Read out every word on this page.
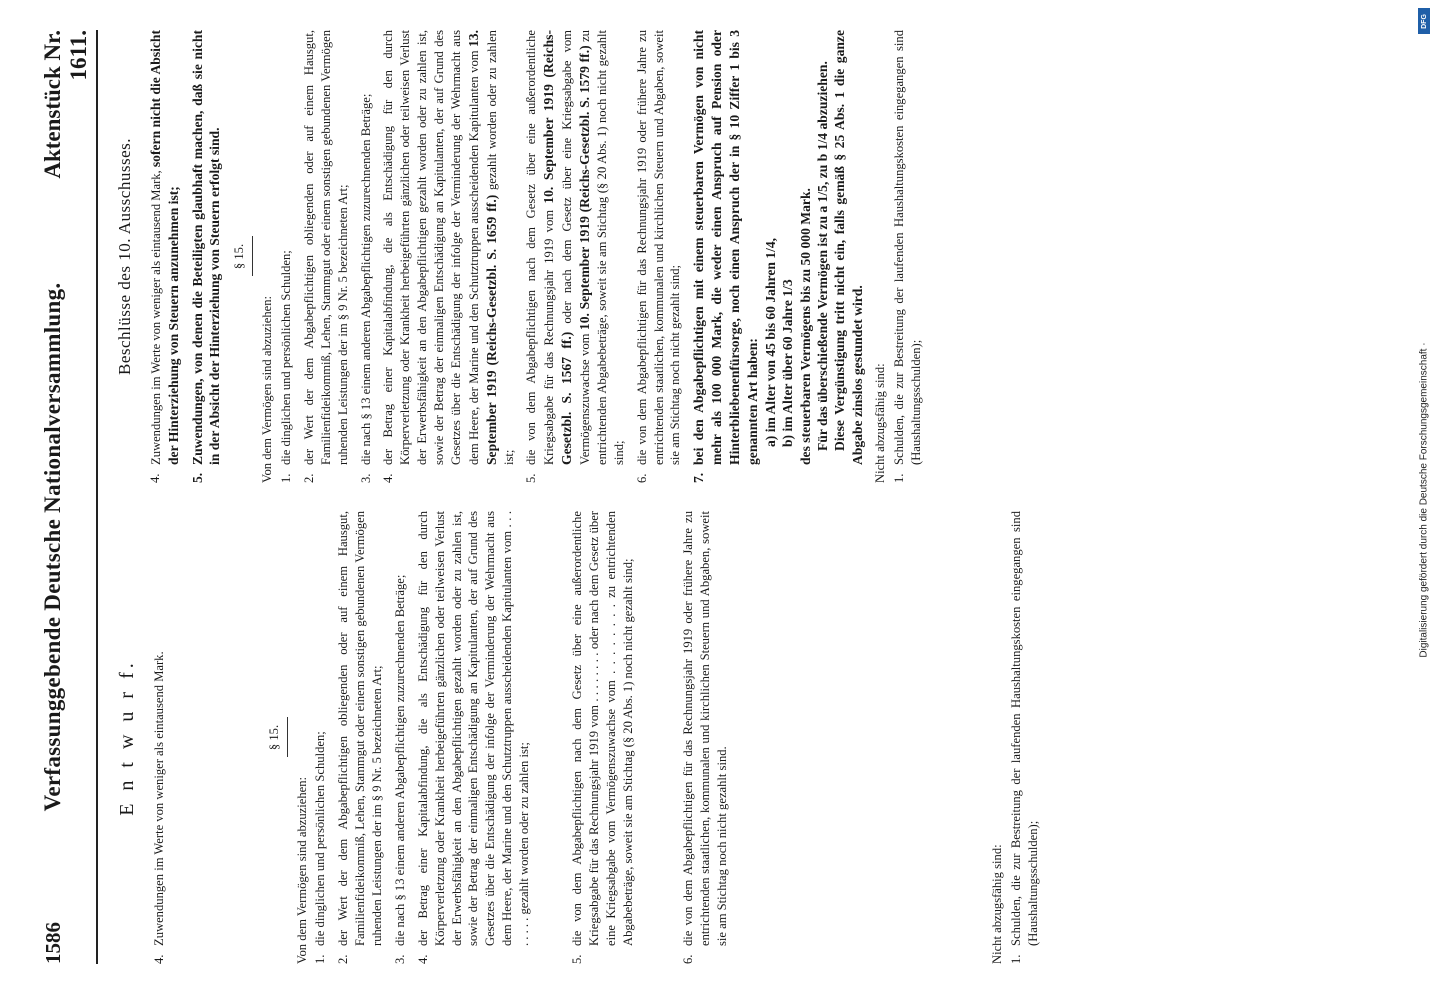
1586
Verfassunggebende Deutsche Nationalversammlung.
Aktenstück Nr. 1611.
E n t w u r f.
4.
Zuwendungen im Werte von weniger als eintausend Mark.	§ 15.
Von dem Vermögen sind abzuziehen: 1.
die dinglichen und persönlichen Schulden;
2.
der Wert der dem Abgabepflichtigen obliegenden oder auf einem Hausgut, Familienfideikommiß, Lehen, Stammgut oder einem sonstigen gebundenen Vermögen ruhenden Leistungen der im § 9 Nr. 5 bezeichneten Art;
3.
die nach § 13 einem anderen Abgabepflichtigen zuzurechnenden Beträge;
4.
der Betrag einer Kapitalabfindung, die als Entschädigung für den durch Körperverletzung oder Krankheit herbeigeführten gänzlichen oder teilweisen Verlust der Erwerbsfähigkeit an den Abgabepflichtigen gezahlt worden oder zu zahlen ist, sowie der Betrag der einmaligen Entschädigung an Kapitulanten, der auf Grund des Gesetzes über die Entschädigung der infolge der Verminderung der Wehrmacht aus dem Heere, der Marine und den Schutztruppen ausscheidenden Kapitulanten vom . . . . . . . . gezahlt worden oder zu zahlen ist;
5.
die von dem Abgabepflichtigen nach dem Gesetz über eine außerordentliche Kriegsabgabe für das Rechnungsjahr 1919 vom . . . . . . . . oder nach dem Gesetz über eine Kriegsabgabe vom Vermögenszuwachse vom . . . . . . . . zu entrichtenden Abgabebeträge, soweit sie am Stichtag (§ 20 Abs. 1) noch nicht gezahlt sind;
6.
die von dem Abgabepflichtigen für das Rechnungsjahr 1919 oder frühere Jahre zu entrichtenden staatlichen, kommunalen und kirchlichen Steuern und Abgaben, soweit sie am Stichtag noch nicht gezahlt sind.	Nicht abzugsfähig sind: 1.
Schulden, die zur Bestreitung der laufenden Haushaltungskosten eingegangen sind (Haushaltungsschulden);
Beschlüsse des 10. Ausschusses.
4.
Zuwendungen im Werte von weniger als eintausend Mark, sofern nicht die Absicht der Hinterziehung von Steuern anzunehmen ist;
5.
Zuwendungen, von denen die Beteiligten glaubhaft machen, daß sie nicht in der Absicht der Hinterziehung von Steuern erfolgt sind. § 15.
Von dem Vermögen sind abzuziehen: 1.
die dinglichen und persönlichen Schulden;
2.
der Wert der dem Abgabepflichtigen obliegenden oder auf einem Hausgut, Familienfideikommiß, Lehen, Stammgut oder einem sonstigen gebundenen Vermögen ruhenden Leistungen der im § 9 Nr. 5 bezeichneten Art;
3.
die nach § 13 einem anderen Abgabepflichtigen zuzurechnenden Beträge;
4.
der Betrag einer Kapitalabfindung, die als Entschädigung für den durch Körperverletzung oder Krankheit herbeigeführten gänzlichen oder teilweisen Verlust der Erwerbsfähigkeit an den Abgabepflichtigen gezahlt worden oder zu zahlen ist, sowie der Betrag der einmaligen Entschädigung an Kapitulanten, der auf Grund des Gesetzes über die Entschädigung der infolge der Verminderung der Wehrmacht aus dem Heere, der Marine und den Schutztruppen ausscheidenden Kapitulanten vom 13. September 1919 (Reichs-Gesetzbl. S. 1659 ff.) gezahlt worden oder zu zahlen ist;
5.
die von dem Abgabepflichtigen nach dem Gesetz über eine außerordentliche Kriegsabgabe für das Rechnungsjahr 1919 vom 10. September 1919 (Reichs-Gesetzbl. S. 1567 ff.) oder nach dem Gesetz über eine Kriegsabgabe vom Vermögenszuwachse vom 10. September 1919 (Reichs-Gesetzbl. S. 1579 ff.) zu entrichtenden Abgabebeträge, soweit sie am Stichtag (§ 20 Abs. 1) noch nicht gezahlt sind;
6.
die von dem Abgabepflichtigen für das Rechnungsjahr 1919 oder frühere Jahre zu entrichtenden staatlichen, kommunalen und kirchlichen Steuern und Abgaben, soweit sie am Stichtag noch nicht gezahlt sind;
7.
bei den Abgabepflichtigen mit einem steuerbaren Vermögen von nicht mehr als 100 000 Mark, die weder einen Anspruch auf Pension oder Hinterbliebenenfürsorge, noch einen Anspruch der in § 10 Ziffer 1 bis 3 genannten Art haben: a) im Alter von 45 bis 60 Jahren 1/4, b) im Alter über 60 Jahre 1/3 des steuerbaren Vermögens bis zu 50 000 Mark. Für das überschießende Vermögen ist zu a 1/5, zu b 1/4 abzuziehen. Diese Vergünstigung tritt nicht ein, falls gemäß § 25 Abs. 1 die ganze Abgabe zinslos gestundet wird. Nicht abzugsfähig sind: 1.
Schulden, die zur Bestreitung der laufenden Haushaltungskosten eingegangen sind (Haushaltungsschulden);	Digitalisierung gefördert durch die Deutsche Forschungsgemeinschaft ·
DFG
